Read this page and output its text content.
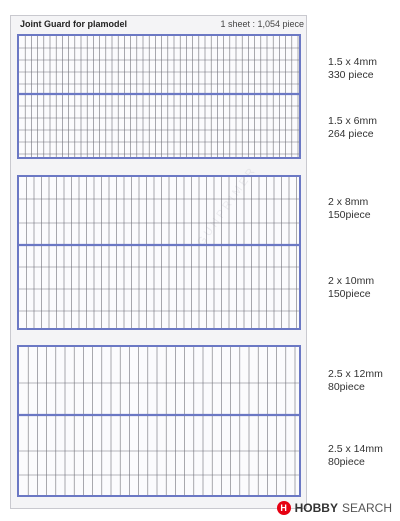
Joint Guard for plamodel	1 sheet : 1,054 piece
1.5 x 4mm
330 piece
1.5 x 6mm
264 piece
2 x 8mm
150piece
2 x 10mm
150piece
2.5 x 12mm
80piece
2.5 x 14mm
80piece
H HOBBY SEARCH
